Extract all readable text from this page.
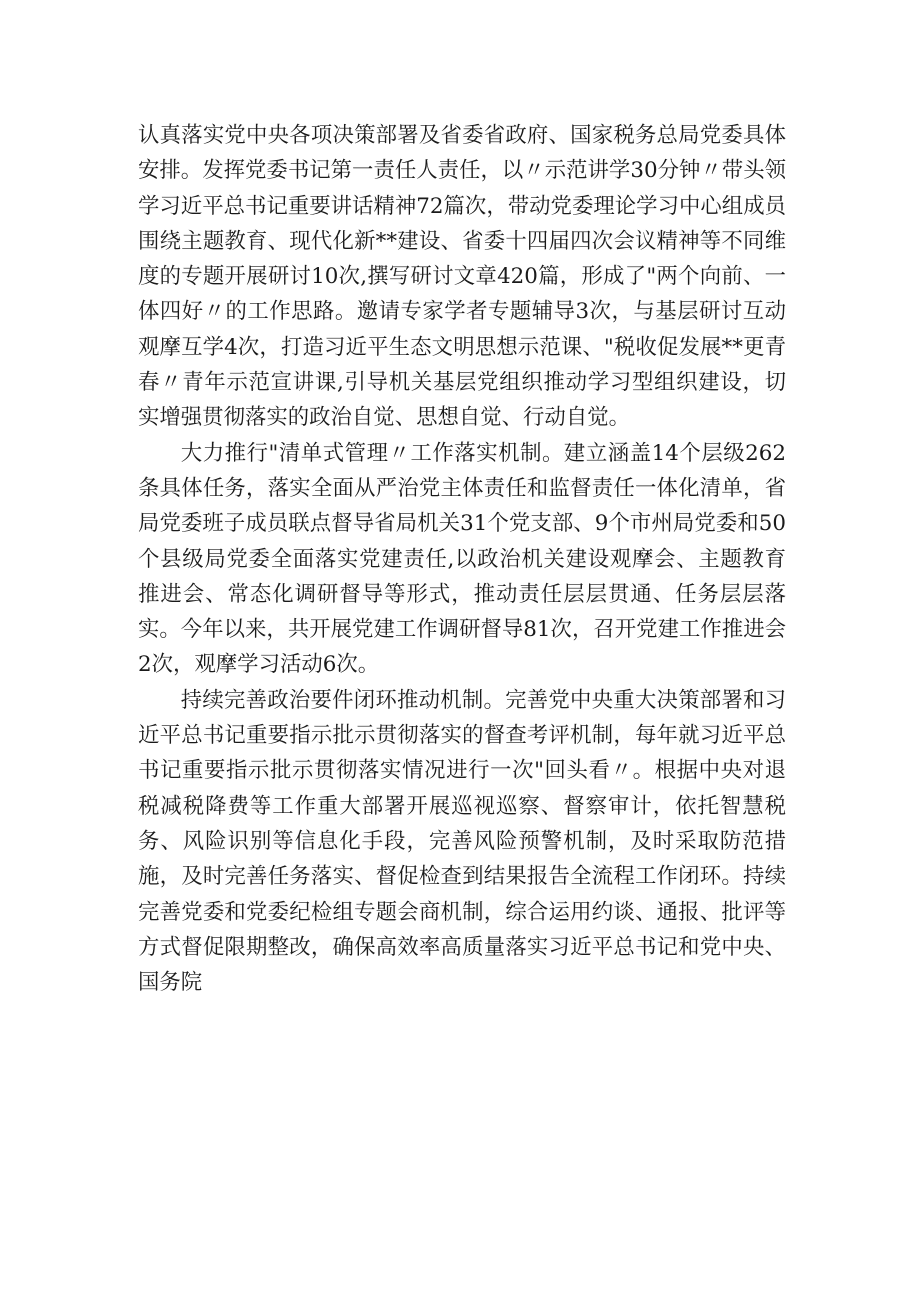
认真落实党中央各项决策部署及省委省政府、国家税务总局党委具体安排。发挥党委书记第一责任人责任，以〃示范讲学30分钟〃带头领学习近平总书记重要讲话精神72篇次，带动党委理论学习中心组成员围绕主题教育、现代化新**建设、省委十四届四次会议精神等不同维度的专题开展研讨10次,撰写研讨文章420篇，形成了"两个向前、一体四好〃的工作思路。邀请专家学者专题辅导3次，与基层研讨互动观摩互学4次，打造习近平生态文明思想示范课、"税收促发展**更青春〃青年示范宣讲课,引导机关基层党组织推动学习型组织建设，切实增强贯彻落实的政治自觉、思想自觉、行动自觉。

大力推行"清单式管理〃工作落实机制。建立涵盖14个层级262条具体任务，落实全面从严治党主体责任和监督责任一体化清单，省局党委班子成员联点督导省局机关31个党支部、9个市州局党委和50个县级局党委全面落实党建责任,以政治机关建设观摩会、主题教育推进会、常态化调研督导等形式，推动责任层层贯通、任务层层落实。今年以来，共开展党建工作调研督导81次，召开党建工作推进会2次，观摩学习活动6次。

持续完善政治要件闭环推动机制。完善党中央重大决策部署和习近平总书记重要指示批示贯彻落实的督查考评机制，每年就习近平总书记重要指示批示贯彻落实情况进行一次"回头看〃。根据中央对退税减税降费等工作重大部署开展巡视巡察、督察审计，依托智慧税务、风险识别等信息化手段，完善风险预警机制，及时采取防范措施，及时完善任务落实、督促检查到结果报告全流程工作闭环。持续完善党委和党委纪检组专题会商机制，综合运用约谈、通报、批评等方式督促限期整改，确保高效率高质量落实习近平总书记和党中央、国务院
